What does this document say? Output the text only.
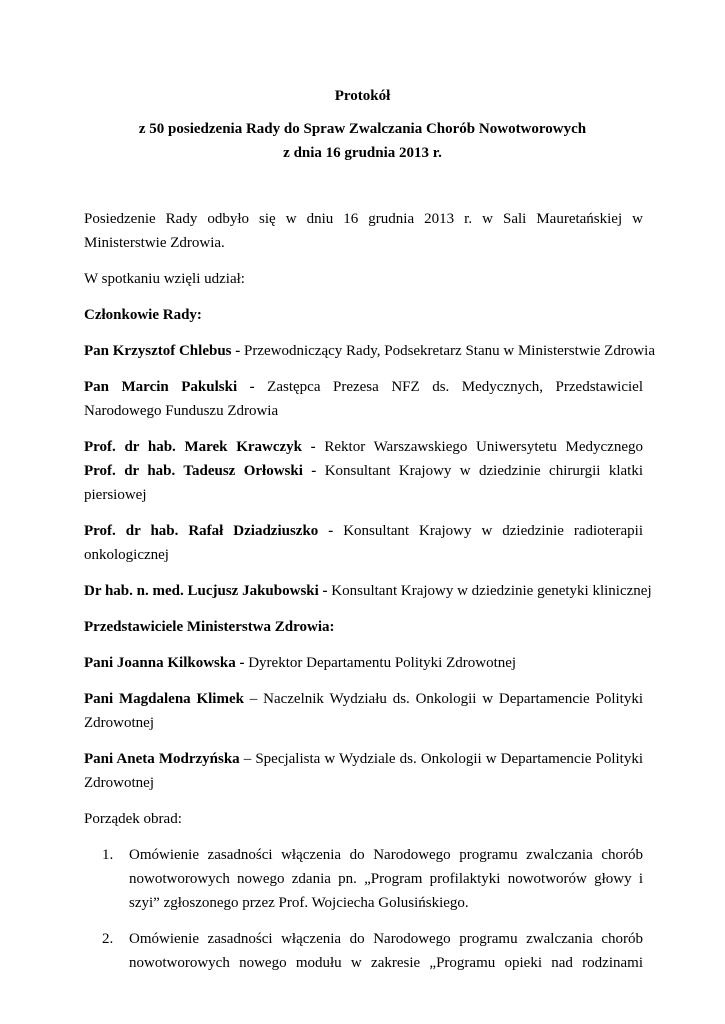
Protokół
z 50 posiedzenia Rady do Spraw Zwalczania Chorób Nowotworowych
z dnia 16 grudnia 2013 r.

Posiedzenie Rady odbyło się w dniu 16 grudnia 2013 r. w Sali Mauretańskiej w Ministerstwie Zdrowia.

W spotkaniu wzięli udział:

Członkowie Rady:

Pan Krzysztof Chlebus - Przewodniczący Rady, Podsekretarz Stanu w Ministerstwie Zdrowia

Pan Marcin Pakulski - Zastępca Prezesa NFZ ds. Medycznych, Przedstawiciel Narodowego Funduszu Zdrowia

Prof. dr hab. Marek Krawczyk - Rektor Warszawskiego Uniwersytetu Medycznego

Prof. dr hab. Tadeusz Orłowski - Konsultant Krajowy w dziedzinie chirurgii klatki piersiowej

Prof. dr hab. Rafał Dziadziuszko - Konsultant Krajowy w dziedzinie radioterapii onkologicznej

Dr hab. n. med. Lucjusz Jakubowski - Konsultant Krajowy w dziedzinie genetyki klinicznej

Przedstawiciele Ministerstwa Zdrowia:

Pani Joanna Kilkowska - Dyrektor Departamentu Polityki Zdrowotnej

Pani Magdalena Klimek – Naczelnik Wydziału ds. Onkologii w Departamencie Polityki Zdrowotnej

Pani Aneta Modrzyńska – Specjalista w Wydziale ds. Onkologii w Departamencie Polityki Zdrowotnej

Porządek obrad:

1. Omówienie zasadności włączenia do Narodowego programu zwalczania chorób nowotworowych nowego zdania pn. „Program profilaktyki nowotworów głowy i szyi” zgłoszonego przez Prof. Wojciecha Golusińskiego.
2. Omówienie zasadności włączenia do Narodowego programu zwalczania chorób nowotworowych nowego modułu w zakresie „Programu opieki nad rodzinami
